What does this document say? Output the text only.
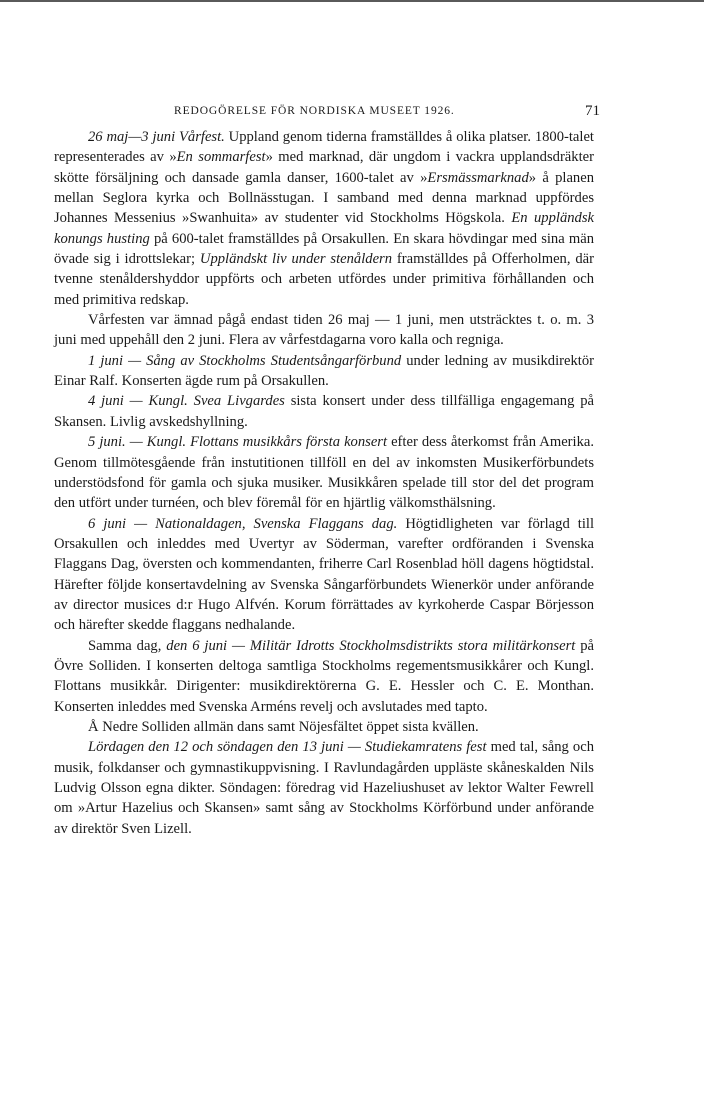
REDOGÖRELSE FÖR NORDISKA MUSEET 1926.	71

26 maj—3 juni Vårfest. Uppland genom tiderna framställdes å olika platser. 1800-talet representerades av »En sommarfest» med marknad, där ungdom i vackra upplandsdräkter skötte försäljning och dansade gamla danser, 1600-talet av »Ersmässmarknad» å planen mellan Seglora kyrka och Bollnässtugan. I samband med denna marknad uppfördes Johannes Messenius »Swanhuita» av studenter vid Stockholms Högskola. En uppländsk konungs husting på 600-talet framställdes på Orsakullen. En skara hövdingar med sina män övade sig i idrottslekar; Uppländskt liv under stenåldern framställdes på Offerholmen, där tvenne stenåldershyddor uppförts och arbeten utfördes under primitiva förhållanden och med primitiva redskap.

Vårfesten var ämnad pågå endast tiden 26 maj — 1 juni, men utsträcktes t. o. m. 3 juni med uppehåll den 2 juni. Flera av vårfestdagarna voro kalla och regniga.

1 juni — Sång av Stockholms Studentsångarförbund under ledning av musikdirektör Einar Ralf. Konserten ägde rum på Orsakullen.

4 juni — Kungl. Svea Livgardes sista konsert under dess tillfälliga engagemang på Skansen. Livlig avskedshyllning.

5 juni. — Kungl. Flottans musikkårs första konsert efter dess återkomst från Amerika. Genom tillmötesgående från instutitionen tillföll en del av inkomsten Musikerförbundets understödsfond för gamla och sjuka musiker. Musikkåren spelade till stor del det program den utfört under turnéen, och blev föremål för en hjärtlig välkomsthälsning.

6 juni — Nationaldagen, Svenska Flaggans dag. Högtidligheten var förlagd till Orsakullen och inleddes med Uvertyr av Söderman, varefter ordföranden i Svenska Flaggans Dag, översten och kommendanten, friherre Carl Rosenblad höll dagens högtidstal. Härefter följde konsertavdelning av Svenska Sångarförbundets Wienerkör under anförande av director musices d:r Hugo Alfvén. Korum förrättades av kyrkoherde Caspar Börjesson och härefter skedde flaggans nedhalande.

Samma dag, den 6 juni — Militär Idrotts Stockholmsdistrikts stora militärkonsert på Övre Solliden. I konserten deltoga samtliga Stockholms regementsmusikkårer och Kungl. Flottans musikkår. Dirigenter: musikdirektörerna G. E. Hessler och C. E. Monthan. Konserten inleddes med Svenska Arméns revelj och avslutades med tapto.

Å Nedre Solliden allmän dans samt Nöjesfältet öppet sista kvällen.

Lördagen den 12 och söndagen den 13 juni — Studiekamratens fest med tal, sång och musik, folkdanser och gymnastikuppvisning. I Ravlundagården uppläste skåneskalden Nils Ludvig Olsson egna dikter. Söndagen: föredrag vid Hazeliushuset av lektor Walter Fewrell om »Artur Hazelius och Skansen» samt sång av Stockholms Körförbund under anförande av direktör Sven Lizell.
